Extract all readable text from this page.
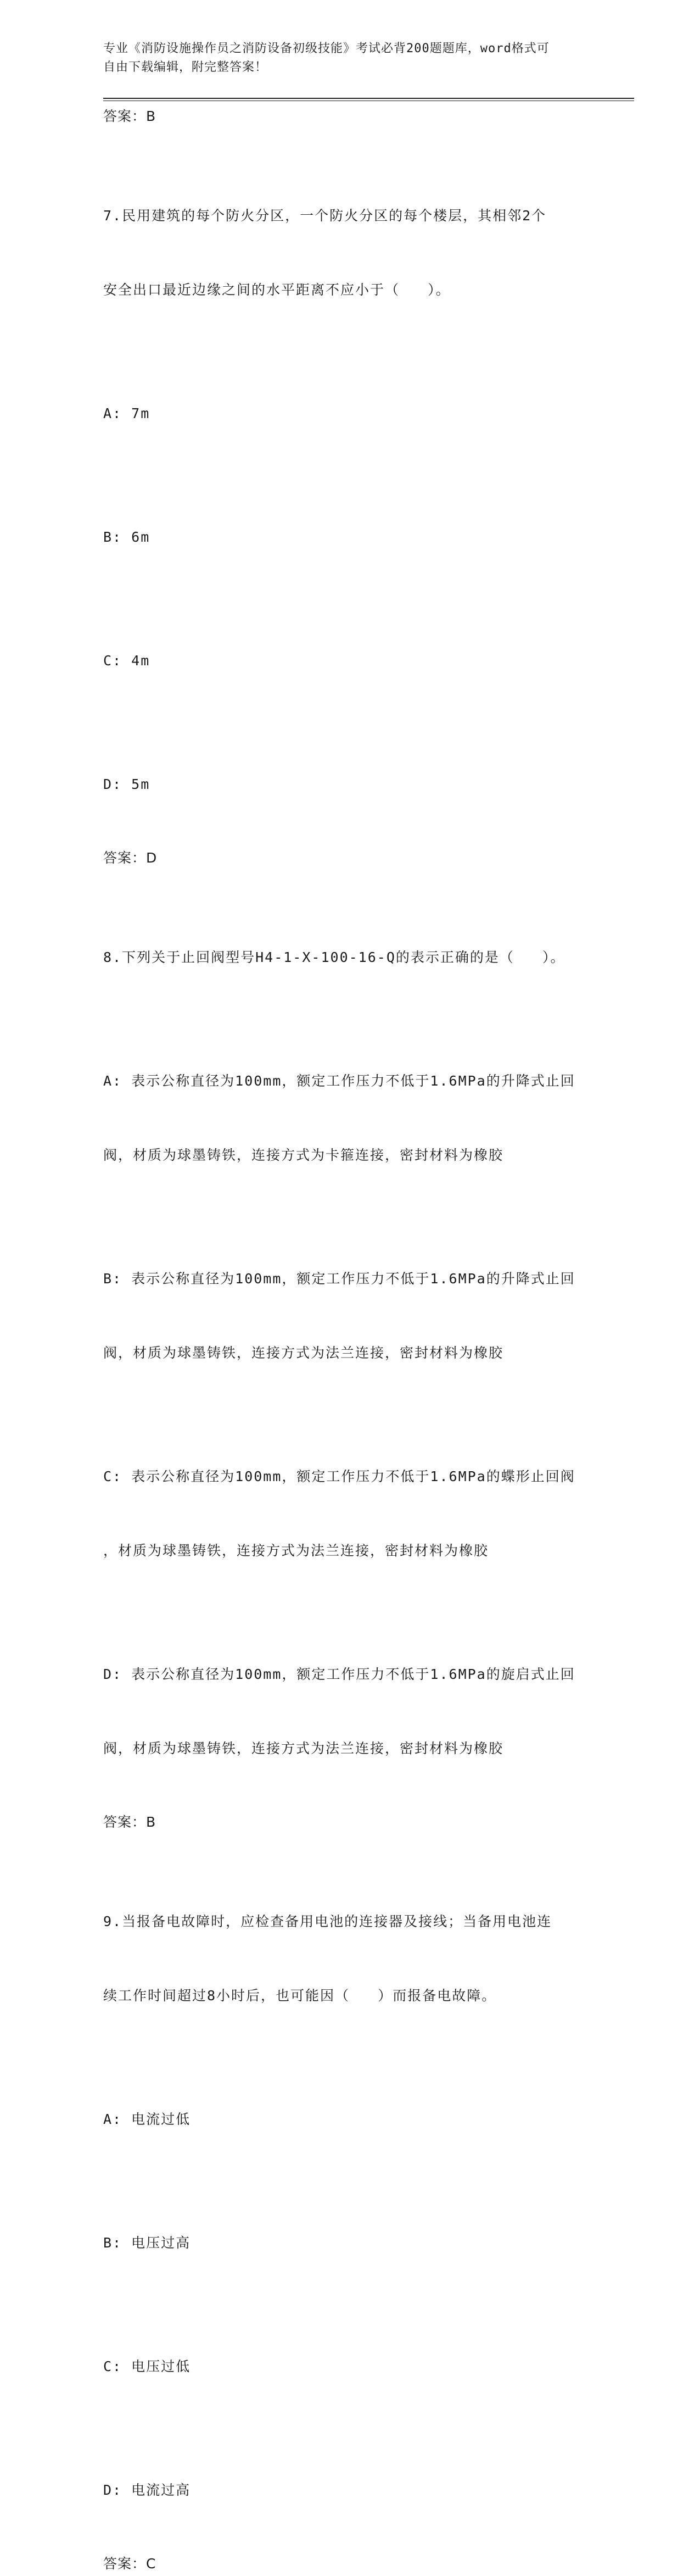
专业《消防设施操作员之消防设备初级技能》考试必背200题题库，word格式可
自由下载编辑，附完整答案！
答案：B

7.民用建筑的每个防火分区，一个防火分区的每个楼层，其相邻2个

安全出口最近边缘之间的水平距离不应小于（   ）。

A: 7m

B: 6m

C: 4m

D: 5m

答案：D

8.下列关于止回阀型号H4-1-X-100-16-Q的表示正确的是（   ）。

A: 表示公称直径为100mm，额定工作压力不低于1.6MPa的升降式止回

阀，材质为球墨铸铁，连接方式为卡箍连接，密封材料为橡胶

B: 表示公称直径为100mm，额定工作压力不低于1.6MPa的升降式止回

阀，材质为球墨铸铁，连接方式为法兰连接，密封材料为橡胶

C: 表示公称直径为100mm，额定工作压力不低于1.6MPa的蝶形止回阀

，材质为球墨铸铁，连接方式为法兰连接，密封材料为橡胶

D: 表示公称直径为100mm，额定工作压力不低于1.6MPa的旋启式止回

阀，材质为球墨铸铁，连接方式为法兰连接，密封材料为橡胶

答案：B

9.当报备电故障时，应检查备用电池的连接器及接线；当备用电池连

续工作时间超过8小时后，也可能因（   ）而报备电故障。

A: 电流过低

B: 电压过高

C: 电压过低

D: 电流过高

答案：C
